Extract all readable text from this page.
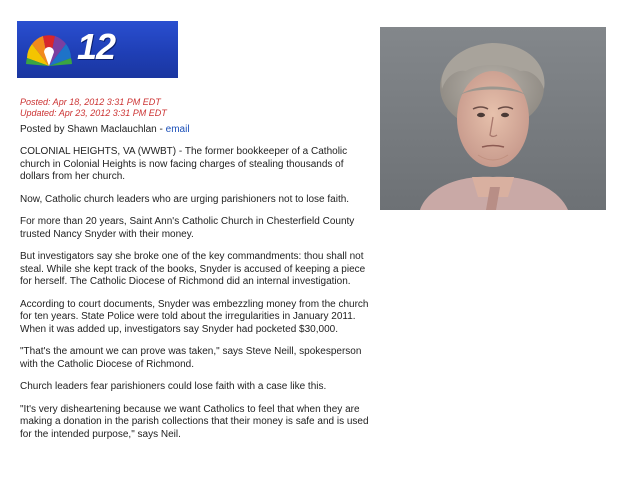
12
Posted: Apr 18, 2012 3:31 PM EDT
Updated: Apr 23, 2012 3:31 PM EDT
Posted by Shawn Maclauchlan - email

COLONIAL HEIGHTS, VA (WWBT) - The former bookkeeper of a Catholic church in Colonial Heights is now facing charges of stealing thousands of dollars from her church.

Now, Catholic church leaders who are urging parishioners not to lose faith.

For more than 20 years, Saint Ann's Catholic Church in Chesterfield County trusted Nancy Snyder with their money.

But investigators say she broke one of the key commandments: thou shall not steal. While she kept track of the books, Snyder is accused of keeping a piece for herself. The Catholic Diocese of Richmond did an internal investigation.

According to court documents, Snyder was embezzling money from the church for ten years. State Police were told about the irregularities in January 2011. When it was added up, investigators say Snyder had pocketed $30,000.

"That's the amount we can prove was taken," says Steve Neill, spokesperson with the Catholic Diocese of Richmond.

Church leaders fear parishioners could lose faith with a case like this.

"It's very disheartening because we want Catholics to feel that when they are making a donation in the parish collections that their money is safe and is used for the intended purpose," says Neil.
